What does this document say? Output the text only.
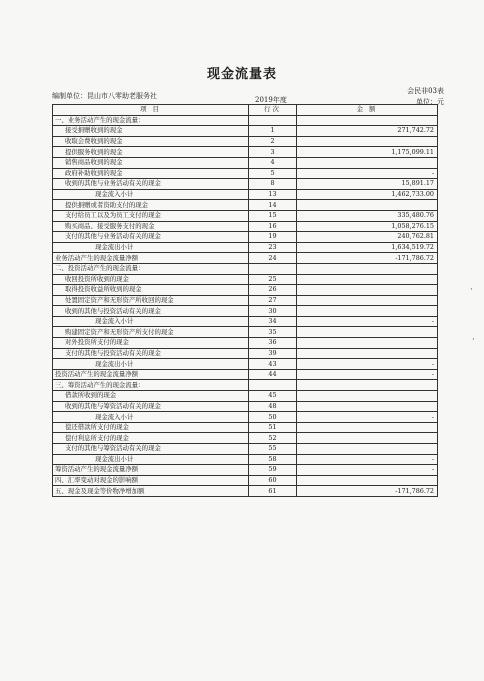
现金流量表
会民非03表
编制单位：昆山市八零助老服务社	2019年度	单位：元
项 目	行次	金 额
一、业务活动产生的现金流量：		
接受捐赠收到的现金	1	271,742.72
收取会费收到的现金	2	
提供服务收到的现金	3	1,175,099.11
销售商品收到的现金	4	
政府补助收到的现金	5	-
收到的其他与业务活动有关的现金	8	15,891.17
现金流入小计	13	1,462,733.00
提供捐赠或者资助支付的现金	14	
支付给员工以及为员工支付的现金	15	335,480.76
购买商品、接受服务支付的现金	16	1,058,276.15
支付的其他与业务活动有关的现金	19	240,762.81
现金流出小计	23	1,634,519.72
业务活动产生的现金流量净额	24	-171,786.72
二、投资活动产生的现金流量：		
收回投资所收到的现金	25	
取得投资收益所收到的现金	26	
处置固定资产和无形资产所收回的现金	27	
收到的其他与投资活动有关的现金	30	
现金流入小计	34	-
购建固定资产和无形资产所支付的现金	35	
对外投资所支付的现金	36	
支付的其他与投资活动有关的现金	39	
现金流出小计	43	-
投资活动产生的现金流量净额	44	-
三、筹资活动产生的现金流量：		
借款所收到的现金	45	
收到的其他与筹资活动有关的现金	48	
现金流入小计	50	-
偿还借款所支付的现金	51	
偿付利息所支付的现金	52	
支付的其他与筹资活动有关的现金	55	
现金流出小计	58	-
筹资活动产生的现金流量净额	59	-
四、汇率变动对现金的影响额	60	
五、现金及现金等价物净增加额	61	-171,786.72
·
·
